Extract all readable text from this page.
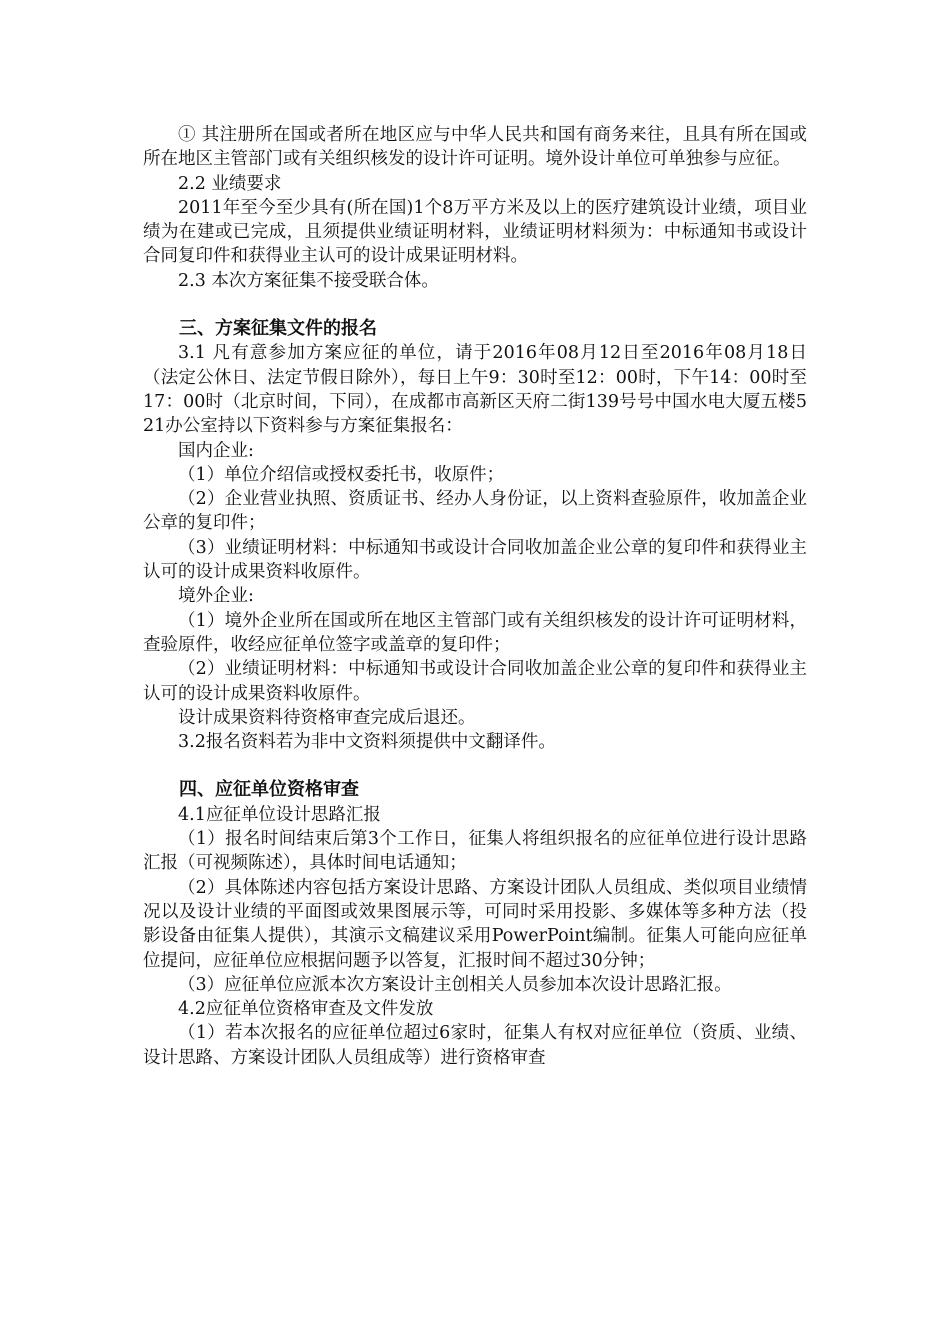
① 其注册所在国或者所在地区应与中华人民共和国有商务来往，且具有所在国或所在地区主管部门或有关组织核发的设计许可证明。境外设计单位可单独参与应征。

2.2 业绩要求

2011年至今至少具有(所在国)1个8万平方米及以上的医疗建筑设计业绩，项目业绩为在建或已完成，且须提供业绩证明材料，业绩证明材料须为：中标通知书或设计合同复印件和获得业主认可的设计成果证明材料。

2.3 本次方案征集不接受联合体。

三、方案征集文件的报名

3.1 凡有意参加方案应征的单位，请于2016年08月12日至2016年08月18日（法定公休日、法定节假日除外），每日上午9：30时至12：00时，下午14：00时至17：00时（北京时间，下同），在成都市高新区天府二街139号号中国水电大厦五楼521办公室持以下资料参与方案征集报名：

国内企业:

（1）单位介绍信或授权委托书，收原件；

（2）企业营业执照、资质证书、经办人身份证，以上资料查验原件，收加盖企业公章的复印件；

（3）业绩证明材料：中标通知书或设计合同收加盖企业公章的复印件和获得业主认可的设计成果资料收原件。

境外企业:

（1）境外企业所在国或所在地区主管部门或有关组织核发的设计许可证明材料，查验原件，收经应征单位签字或盖章的复印件；

（2）业绩证明材料：中标通知书或设计合同收加盖企业公章的复印件和获得业主认可的设计成果资料收原件。

设计成果资料待资格审查完成后退还。

3.2报名资料若为非中文资料须提供中文翻译件。

四、应征单位资格审查

4.1应征单位设计思路汇报

（1）报名时间结束后第3个工作日，征集人将组织报名的应征单位进行设计思路汇报（可视频陈述），具体时间电话通知；

（2）具体陈述内容包括方案设计思路、方案设计团队人员组成、类似项目业绩情况以及设计业绩的平面图或效果图展示等，可同时采用投影、多媒体等多种方法（投影设备由征集人提供），其演示文稿建议采用PowerPoint编制。征集人可能向应征单位提问，应征单位应根据问题予以答复，汇报时间不超过30分钟；

（3）应征单位应派本次方案设计主创相关人员参加本次设计思路汇报。

4.2应征单位资格审查及文件发放

（1）若本次报名的应征单位超过6家时，征集人有权对应征单位（资质、业绩、设计思路、方案设计团队人员组成等）进行资格审查
